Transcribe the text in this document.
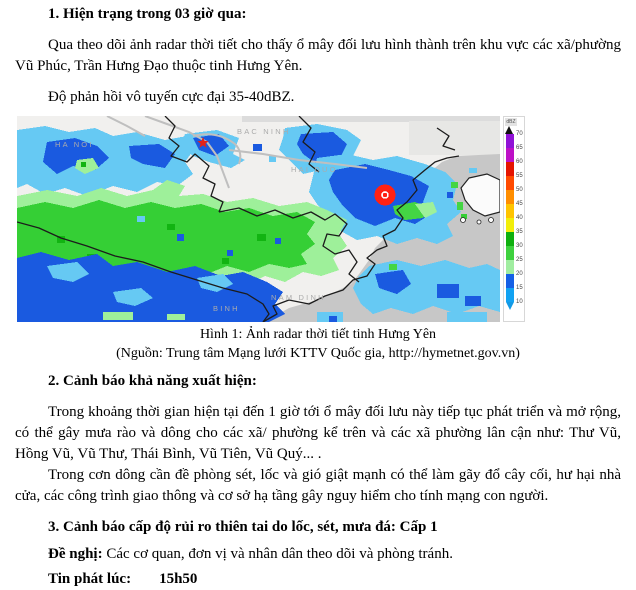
1. Hiện trạng trong 03 giờ qua:

Qua theo dõi ảnh radar thời tiết cho thấy ổ mây đối lưu hình thành trên khu vực các xã/phường Vũ Phúc, Trần Hưng Đạo thuộc tinh Hưng Yên.

Độ phản hồi vô tuyến cực đại 35-40dBZ.

HA NOI
BAC NINH
HAI DUO
NAM DINH
BINH
dBZ
70
65
60
55
50
45
40
35
30
25
20
15
10

Hình 1: Ảnh radar thời tiết tinh Hưng Yên

(Nguồn: Trung tâm Mạng lưới KTTV Quốc gia, http://hymetnet.gov.vn)

2. Cảnh báo khả năng xuất hiện:

Trong khoảng thời gian hiện tại đến 1 giờ tới ổ mây đối lưu này tiếp tục phát triển và mở rộng, có thể gây mưa rào và dông cho các xã/ phường kể trên và các xã phường lân cận như: Thư Vũ, Hồng Vũ, Vũ Thư, Thái Bình, Vũ Tiên, Vũ Quý... .

Trong cơn dông cần đề phòng sét, lốc và gió giật mạnh có thể làm gãy đổ cây cối, hư hại nhà cửa, các công trình giao thông và cơ sở hạ tầng gây nguy hiểm cho tính mạng con người.

3. Cảnh báo cấp độ rủi ro thiên tai do lốc, sét, mưa đá: Cấp 1

Đề nghị: Các cơ quan, đơn vị và nhân dân theo dõi và phòng tránh.

Tin phát lúc: 15h50
